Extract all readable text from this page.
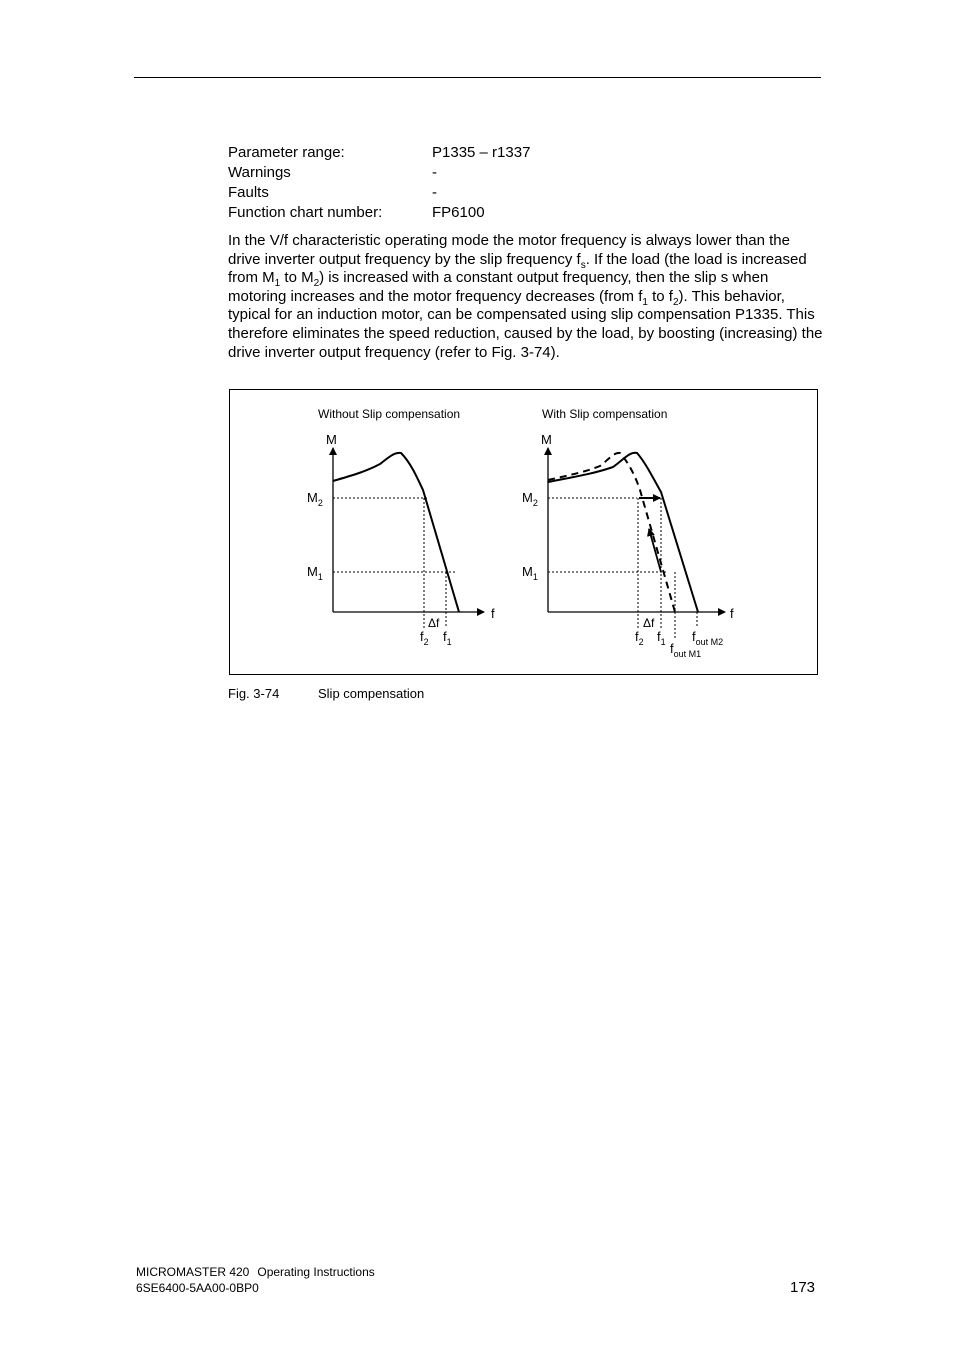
Parameter range:	P1335 – r1337
Warnings	-
Faults	-
Function chart number:	FP6100
In the V/f characteristic operating mode the motor frequency is always lower than the drive inverter output frequency by the slip frequency $f_s$. If the load (the load is increased from $M_1$ to $M_2$) is increased with a constant output frequency, then the slip s when motoring increases and the motor frequency decreases (from $f_1$ to $f_2$). This behavior, typical for an induction motor, can be compensated using slip compensation P1335. This therefore eliminates the speed reduction, caused by the load, by boosting (increasing) the drive inverter output frequency (refer to Fig. 3-74).
Without Slip compensation
M
f
$M_2$
$M_1$
Δf
$f_2$ $f_1$
With Slip compensation
M
f
$M_2$
$M_1$
Δf
$f_2$ $f_1$ $f_{out M2}$
$f_{out M1}$
Fig. 3-74	Slip compensation
MICROMASTER 420 Operating Instructions
6SE6400-5AA00-0BP0	173
